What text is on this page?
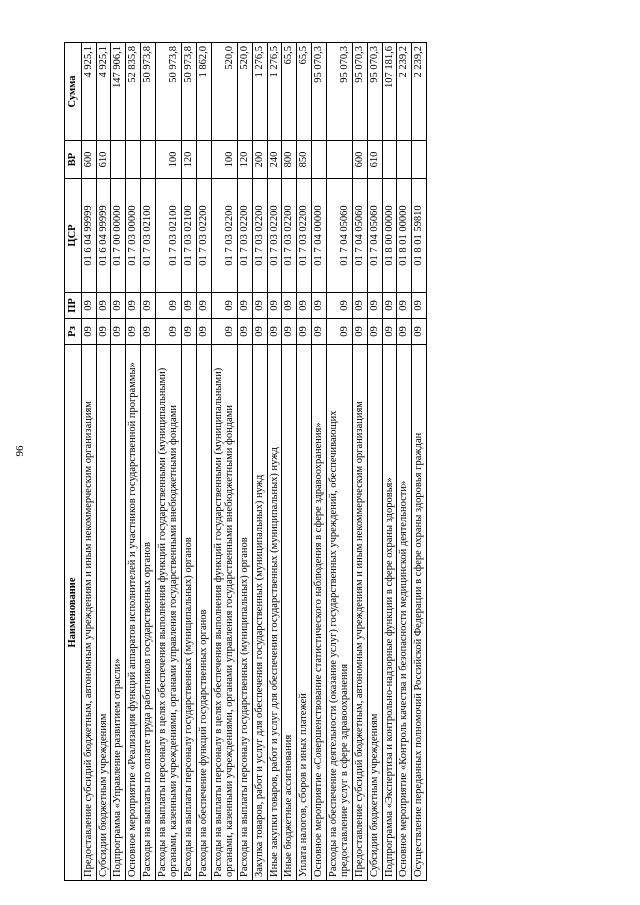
96
Наименование	Рз	ПР	ЦСР	ВР	Сумма
Предоставление субсидий бюджетным, автономным учреждениям и иным некоммерческим организациям	09	09	01 6 04 99999	600	4 925,1
Субсидии бюджетным учреждениям	09	09	01 6 04 99999	610	4 925,1
Подпрограмма «Управление развитием отрасли»	09	09	01 7 00 00000		147 906,1
Основное мероприятие «Реализация функций аппаратов исполнителей и участников государственной программы»	09	09	01 7 03 00000		52 835,8
Расходы на выплаты по оплате труда работников государственных органов	09	09	01 7 03 02100		50 973,8
Расходы на выплаты персоналу в целях обеспечения выполнения функций государственными (муниципальными) органами, казенными учреждениями, органами управления государственными внебюджетными фондами	09	09	01 7 03 02100	100	50 973,8
Расходы на выплаты персоналу государственных (муниципальных) органов	09	09	01 7 03 02100	120	50 973,8
Расходы на обеспечение функций государственных органов	09	09	01 7 03 02200		1 862,0
Расходы на выплаты персоналу в целях обеспечения выполнения функций государственными (муниципальными) органами, казенными учреждениями, органами управления государственными внебюджетными фондами	09	09	01 7 03 02200	100	520,0
Расходы на выплаты персоналу государственных (муниципальных) органов	09	09	01 7 03 02200	120	520,0
Закупка товаров, работ и услуг для обеспечения государственных (муниципальных) нужд	09	09	01 7 03 02200	200	1 276,5
Иные закупки товаров, работ и услуг для обеспечения государственных (муниципальных) нужд	09	09	01 7 03 02200	240	1 276,5
Иные бюджетные ассигнования	09	09	01 7 03 02200	800	65,5
Уплата налогов, сборов и иных платежей	09	09	01 7 03 02200	850	65,5
Основное мероприятие «Совершенствование статистического наблюдения в сфере здравоохранения»	09	09	01 7 04 00000		95 070,3
Расходы на обеспечение деятельности (оказание услуг) государственных учреждений, обеспечивающих предоставление услуг в сфере здравоохранения	09	09	01 7 04 05060		95 070,3
Предоставление субсидий бюджетным, автономным учреждениям и иным некоммерческим организациям	09	09	01 7 04 05060	600	95 070,3
Субсидии бюджетным учреждениям	09	09	01 7 04 05060	610	95 070,3
Подпрограмма «Экспертиза и контрольно-надзорные функции в сфере охраны здоровья»	09	09	01 8 00 00000		107 181,6
Основное мероприятие «Контроль качества и безопасности медицинской деятельности»	09	09	01 8 01 00000		2 239,2
Осуществление переданных полномочий Российской Федерации в сфере охраны здоровья граждан	09	09	01 8 01 59810		2 239,2
